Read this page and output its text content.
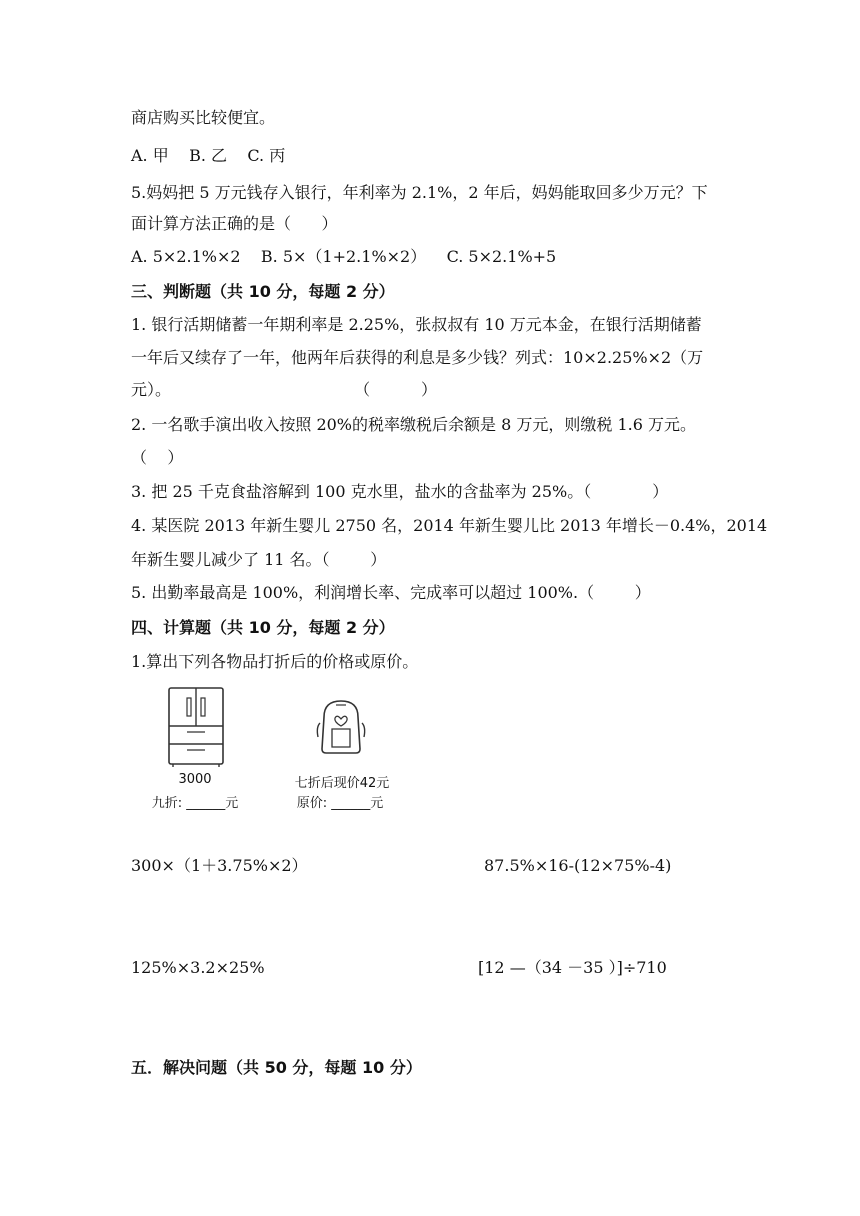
商店购买比较便宜。
A. 甲    B. 乙    C. 丙
5.妈妈把 5 万元钱存入银行，年利率为 2.1%，2 年后，妈妈能取回多少万元？下
面计算方法正确的是（      ）
A. 5×2.1%×2    B. 5×（1+2.1%×2）    C. 5×2.1%+5
三、判断题（共 10 分，每题 2 分）
1. 银行活期储蓄一年期利率是 2.25%，张叔叔有 10 万元本金，在银行活期储蓄
一年后又续存了一年，他两年后获得的利息是多少钱？列式：10×2.25%×2（万
元）。                                    （          ）
2. 一名歌手演出收入按照 20%的税率缴税后余额是 8 万元，则缴税 1.6 万元。
（    ）
3. 把 25 千克食盐溶解到 100 克水里，盐水的含盐率为 25%。（            ）
4. 某医院 2013 年新生婴儿 2750 名，2014 年新生婴儿比 2013 年增长－0.4%，2014
年新生婴儿减少了 11 名。（        ）
5. 出勤率最高是 100%，利润增长率、完成率可以超过 100%.（        ）
四、计算题（共 10 分，每题 2 分）
1.算出下列各物品打折后的价格或原价。
3000
九折: ______元
七折后现价42元
原价: ______元
300×（1＋3.75%×2）	87.5%×16-(12×75%-4)
125%×3.2×25%	[12 —（34 －35 ）]÷710
五．解决问题（共 50 分，每题 10 分）
